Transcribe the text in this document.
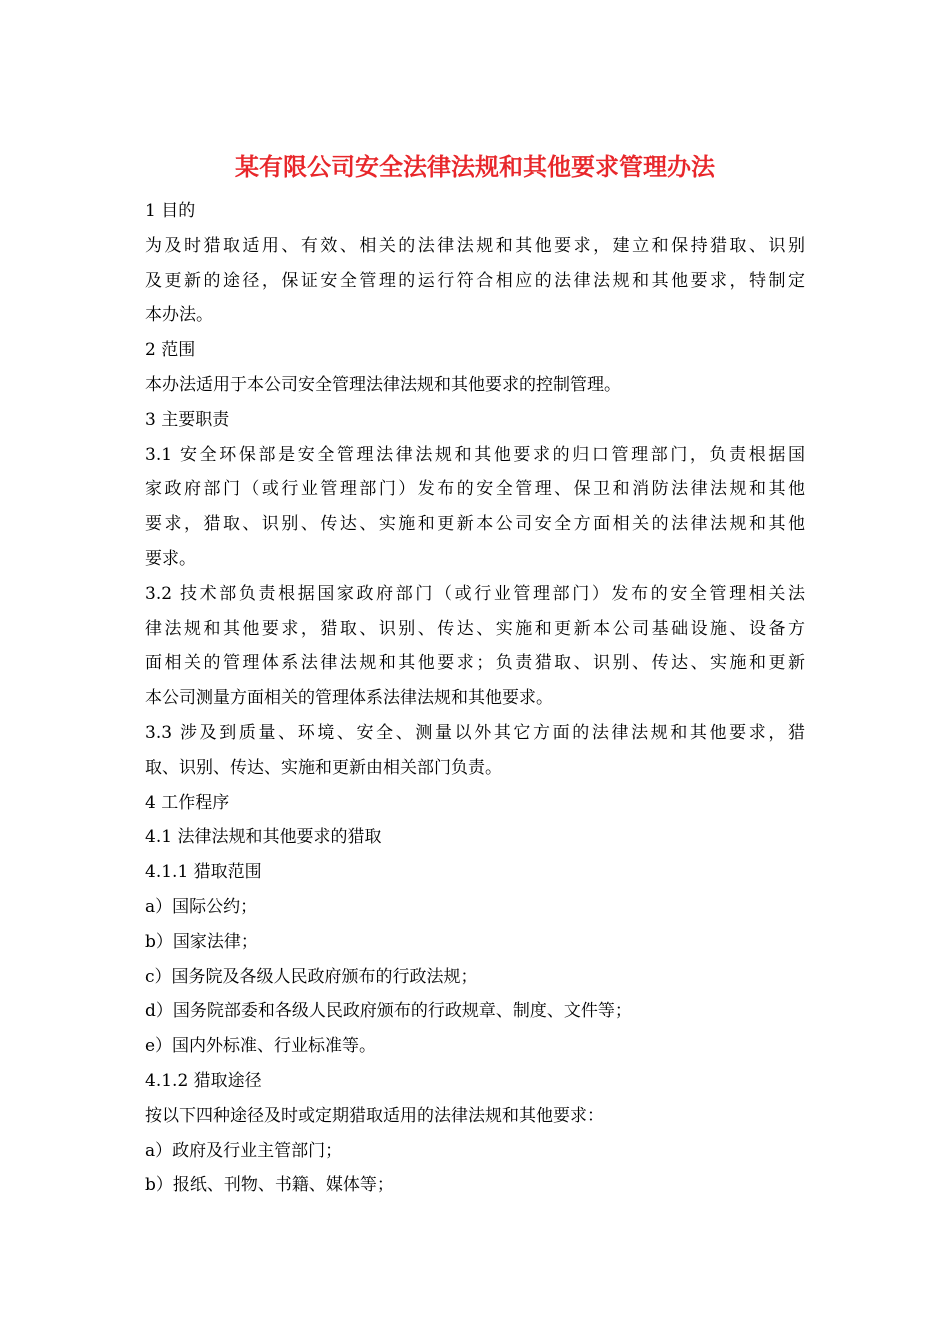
某有限公司安全法律法规和其他要求管理办法

1 目的

为及时猎取适用、有效、相关的法律法规和其他要求，建立和保持猎取、识别

及更新的途径，保证安全管理的运行符合相应的法律法规和其他要求，特制定

本办法。

2 范围

本办法适用于本公司安全管理法律法规和其他要求的控制管理。

3 主要职责

3.1 安全环保部是安全管理法律法规和其他要求的归口管理部门，负责根据国

家政府部门（或行业管理部门）发布的安全管理、保卫和消防法律法规和其他

要求，猎取、识别、传达、实施和更新本公司安全方面相关的法律法规和其他

要求。

3.2 技术部负责根据国家政府部门（或行业管理部门）发布的安全管理相关法

律法规和其他要求，猎取、识别、传达、实施和更新本公司基础设施、设备方

面相关的管理体系法律法规和其他要求；负责猎取、识别、传达、实施和更新

本公司测量方面相关的管理体系法律法规和其他要求。

3.3 涉及到质量、环境、安全、测量以外其它方面的法律法规和其他要求，猎

取、识别、传达、实施和更新由相关部门负责。

4 工作程序

4.1 法律法规和其他要求的猎取

4.1.1 猎取范围

a）国际公约；

b）国家法律；

c）国务院及各级人民政府颁布的行政法规；

d）国务院部委和各级人民政府颁布的行政规章、制度、文件等；

e）国内外标准、行业标准等。

4.1.2 猎取途径

按以下四种途径及时或定期猎取适用的法律法规和其他要求：

a）政府及行业主管部门；

b）报纸、刊物、书籍、媒体等；
